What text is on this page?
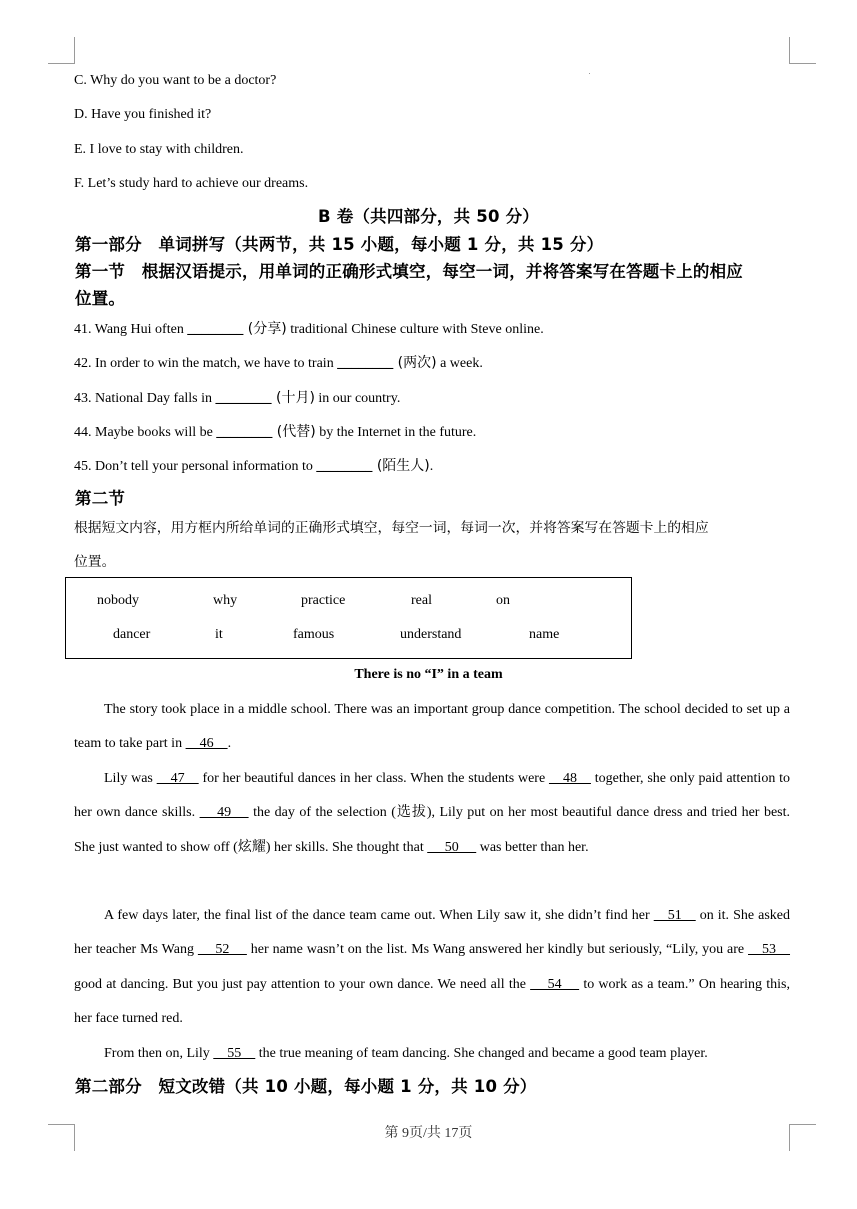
C. Why do you want to be a doctor?
D. Have you finished it?
E. I love to stay with children.
F. Let’s study hard to achieve our dreams.
B 卷（共四部分，共 50 分）
第一部分　单词拼写（共两节，共 15 小题，每小题 1 分，共 15 分）
第一节　根据汉语提示，用单词的正确形式填空，每空一词，并将答案写在答题卡上的相应
位置。
41. Wang Hui often ________ (分享) traditional Chinese culture with Steve online.
42. In order to win the match, we have to train ________ (两次) a week.
43. National Day falls in ________ (十月) in our country.
44. Maybe books will be ________ (代替) by the Internet in the future.
45. Don’t tell your personal information to ________ (陌生人).
第二节
根据短文内容，用方框内所给单词的正确形式填空，每空一词，每词一次，并将答案写在答题卡上的相应
位置。
nobody	why	practice	real	on
dancer	it	famous	understand	name
There is no “I” in a team
The story took place in a middle school. There was an important group dance competition. The school decided to set up a team to take part in     46    .
Lily was     47     for her beautiful dances in her class. When the students were     48     together, she only paid attention to her own dance skills.      49      the day of the selection (选拔), Lily put on her most beautiful dance dress and tried her best. She just wanted to show off (炫耀) her skills. She thought that      50      was better than her.
A few days later, the final list of the dance team came out. When Lily saw it, she didn’t find her     51     on it. She asked her teacher Ms Wang      52      her name wasn’t on the list. Ms Wang answered her kindly but seriously, “Lily, you are     53     good at dancing. But you just pay attention to your own dance. We need all the      54      to work as a team.” On hearing this, her face turned red.
From then on, Lily     55     the true meaning of team dancing. She changed and became a good team player.
第二部分　短文改错（共 10 小题，每小题 1 分，共 10 分）
第 9页/共 17页
